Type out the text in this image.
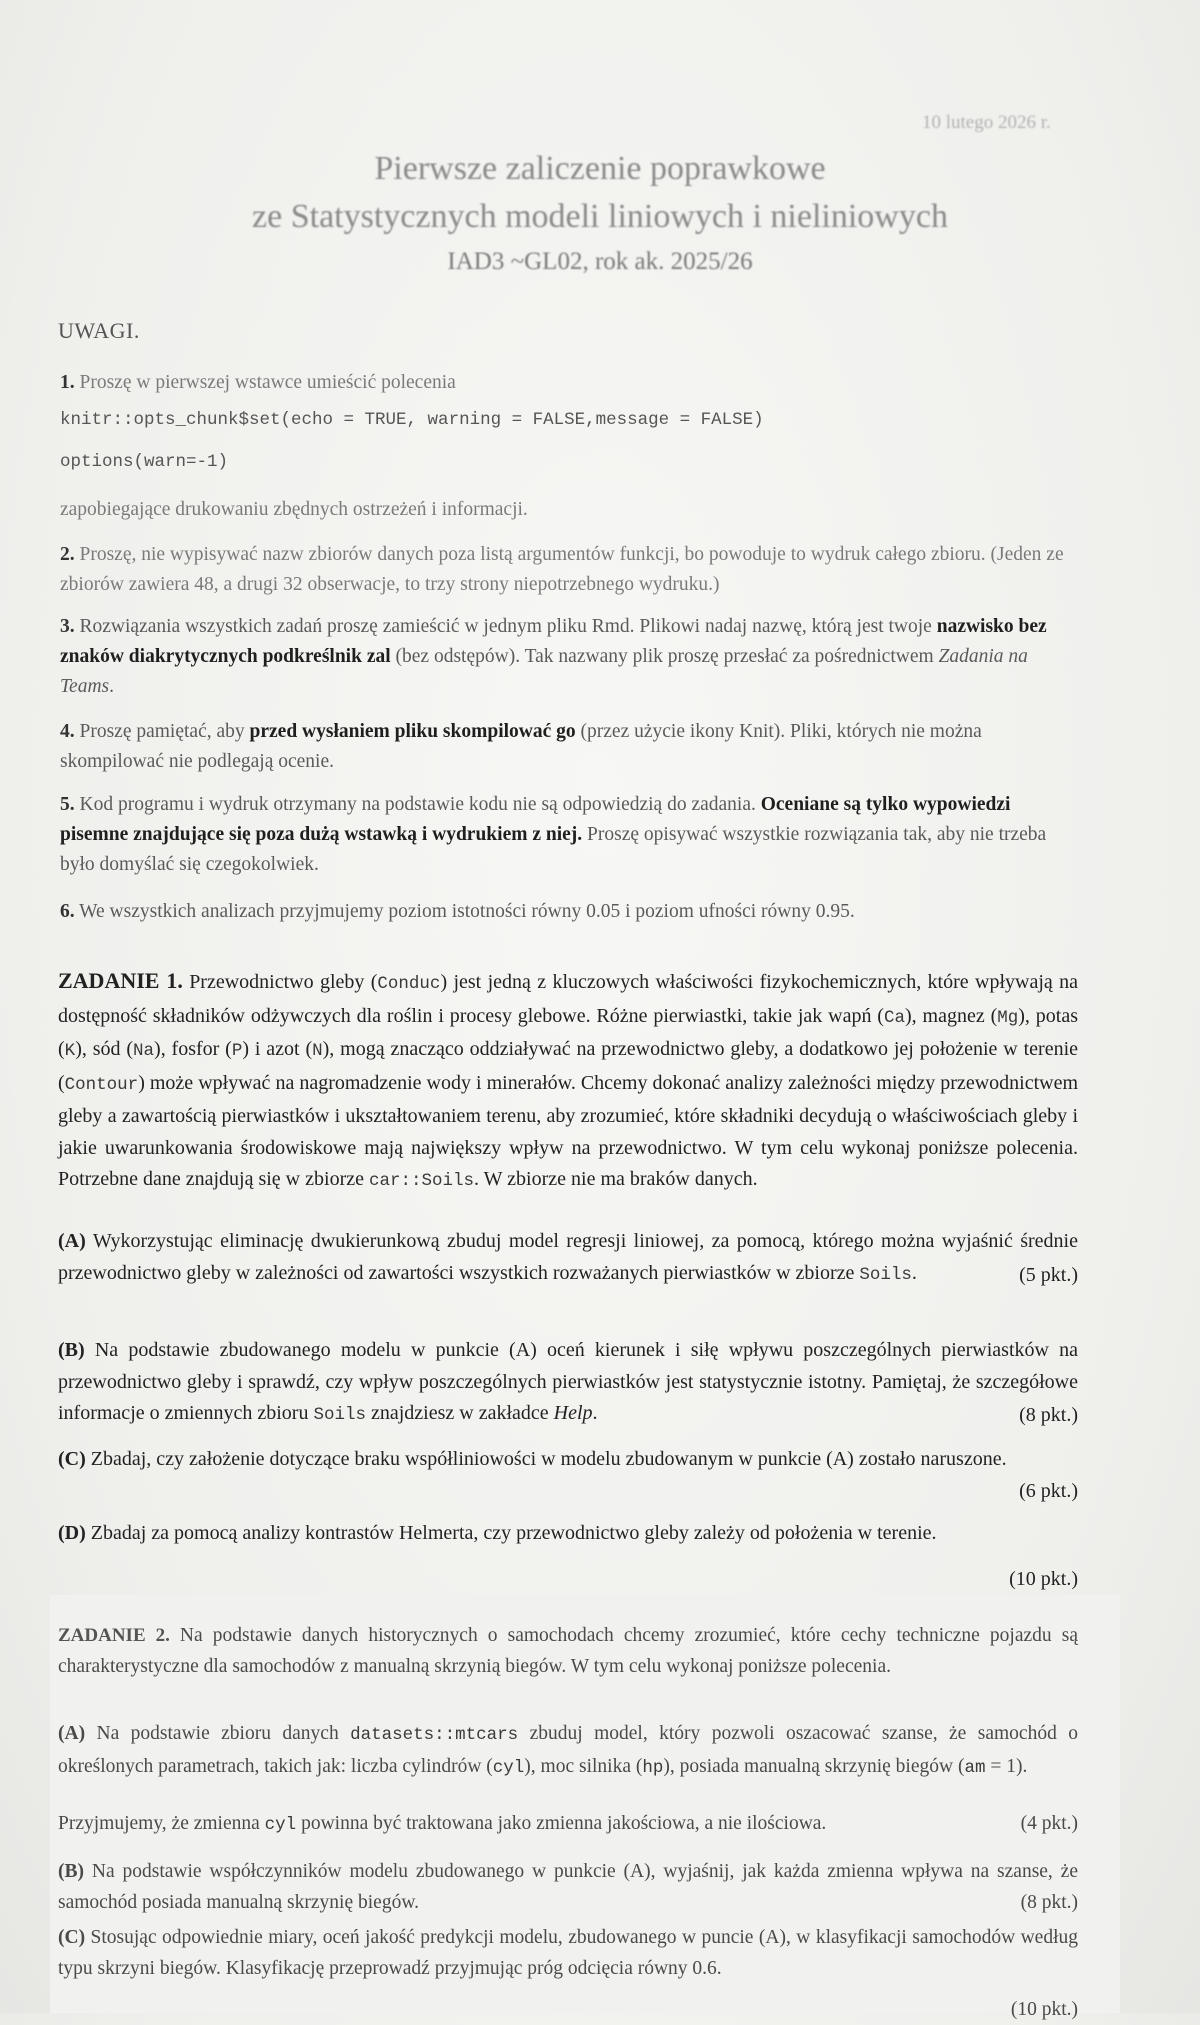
10 lutego 2026 r.
Pierwsze zaliczenie poprawkowe
ze Statystycznych modeli liniowych i nieliniowych
IAD3 ~GL02, rok ak. 2025/26
UWAGI.
1. Proszę w pierwszej wstawce umieścić polecenia
knitr::opts_chunk$set(echo = TRUE, warning = FALSE,message = FALSE)
options(warn=-1)
zapobiegające drukowaniu zbędnych ostrzeżeń i informacji.
2. Proszę, nie wypisywać nazw zbiorów danych poza listą argumentów funkcji, bo powoduje to wydruk całego zbioru. (Jeden ze zbiorów zawiera 48, a drugi 32 obserwacje, to trzy strony niepotrzebnego wydruku.)
3. Rozwiązania wszystkich zadań proszę zamieścić w jednym pliku Rmd. Plikowi nadaj nazwę, którą jest twoje nazwisko bez znaków diakrytycznych podkreślnik zal (bez odstępów). Tak nazwany plik proszę przesłać za pośrednictwem Zadania na Teams.
4. Proszę pamiętać, aby przed wysłaniem pliku skompilować go (przez użycie ikony Knit). Pliki, których nie można skompilować nie podlegają ocenie.
5. Kod programu i wydruk otrzymany na podstawie kodu nie są odpowiedzią do zadania. Oceniane są tylko wypowiedzi pisemne znajdujące się poza dużą wstawką i wydrukiem z niej. Proszę opisywać wszystkie rozwiązania tak, aby nie trzeba było domyślać się czegokolwiek.
6. We wszystkich analizach przyjmujemy poziom istotności równy 0.05 i poziom ufności równy 0.95.
ZADANIE 1. Przewodnictwo gleby (Conduc) jest jedną z kluczowych właściwości fizykochemicznych, które wpływają na dostępność składników odżywczych dla roślin i procesy glebowe. Różne pierwiastki, takie jak wapń (Ca), magnez (Mg), potas (K), sód (Na), fosfor (P) i azot (N), mogą znacząco oddziaływać na przewodnictwo gleby, a dodatkowo jej położenie w terenie (Contour) może wpływać na nagromadzenie wody i minerałów. Chcemy dokonać analizy zależności między przewodnictwem gleby a zawartością pierwiastków i ukształtowaniem terenu, aby zrozumieć, które składniki decydują o właściwościach gleby i jakie uwarunkowania środowiskowe mają największy wpływ na przewodnictwo. W tym celu wykonaj poniższe polecenia. Potrzebne dane znajdują się w zbiorze car::Soils. W zbiorze nie ma braków danych.
(A) Wykorzystując eliminację dwukierunkową zbuduj model regresji liniowej, za pomocą, którego można wyjaśnić średnie przewodnictwo gleby w zależności od zawartości wszystkich rozważanych pierwiastków w zbiorze Soils.	(5 pkt.)
(B) Na podstawie zbudowanego modelu w punkcie (A) oceń kierunek i siłę wpływu poszczególnych pierwiastków na przewodnictwo gleby i sprawdź, czy wpływ poszczególnych pierwiastków jest statystycznie istotny. Pamiętaj, że szczegółowe informacje o zmiennych zbioru Soils znajdziesz w zakładce Help.	(8 pkt.)
(C) Zbadaj, czy założenie dotyczące braku współliniowości w modelu zbudowanym w punkcie (A) zostało naruszone.
(6 pkt.)
(D) Zbadaj za pomocą analizy kontrastów Helmerta, czy przewodnictwo gleby zależy od położenia w terenie.
(10 pkt.)
ZADANIE 2. Na podstawie danych historycznych o samochodach chcemy zrozumieć, które cechy techniczne pojazdu są charakterystyczne dla samochodów z manualną skrzynią biegów. W tym celu wykonaj poniższe polecenia.
(A) Na podstawie zbioru danych datasets::mtcars zbuduj model, który pozwoli oszacować szanse, że samochód o określonych parametrach, takich jak: liczba cylindrów (cyl), moc silnika (hp), posiada manualną skrzynię biegów (am = 1).
Przyjmujemy, że zmienna cyl powinna być traktowana jako zmienna jakościowa, a nie ilościowa.	(4 pkt.)
(B) Na podstawie współczynników modelu zbudowanego w punkcie (A), wyjaśnij, jak każda zmienna wpływa na szanse, że samochód posiada manualną skrzynię biegów.	(8 pkt.)
(C) Stosując odpowiednie miary, oceń jakość predykcji modelu, zbudowanego w puncie (A), w klasyfikacji samochodów według typu skrzyni biegów. Klasyfikację przeprowadź przyjmując próg odcięcia równy 0.6.
(10 pkt.)
